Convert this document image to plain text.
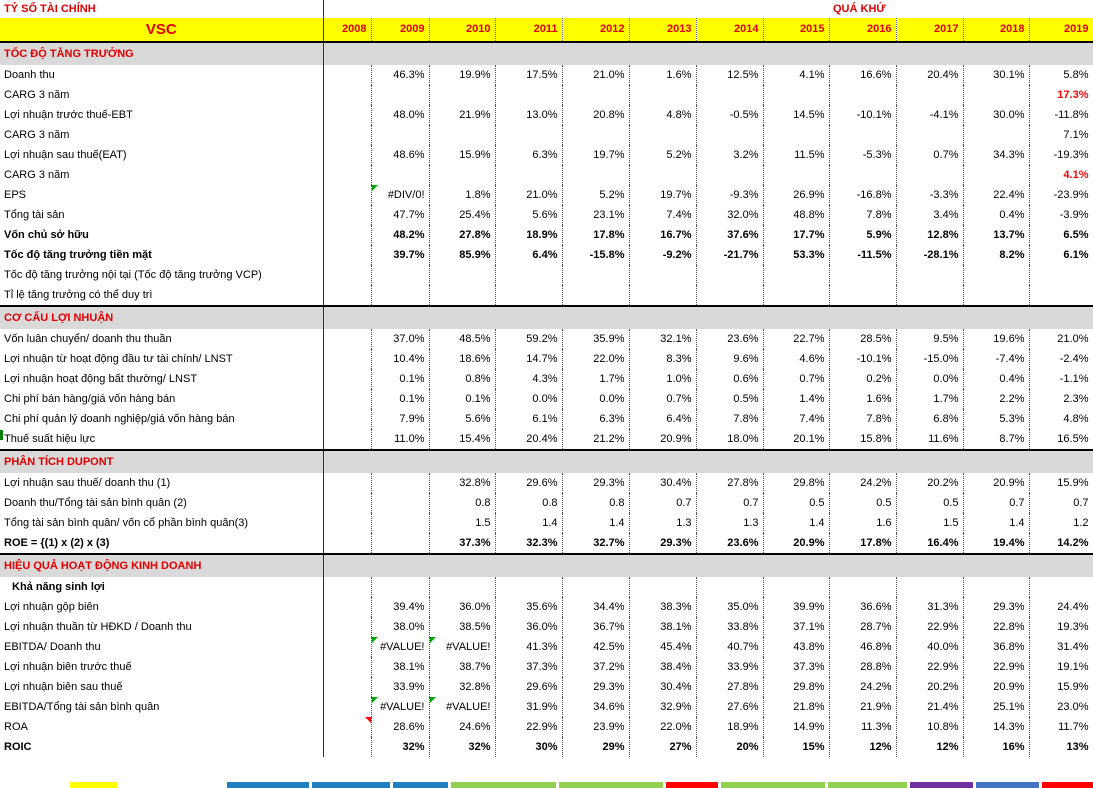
TỶ SỐ TÀI CHÍNH									QUÁ KHỨ			
VSC	2008	2009	2010	2011	2012	2013	2014	2015	2016	2017	2018	2019
TỐC ĐỘ TĂNG TRƯỞNG												
Doanh thu		46.3%	19.9%	17.5%	21.0%	1.6%	12.5%	4.1%	16.6%	20.4%	30.1%	5.8%
CARG 3 năm												17.3%
Lợi nhuận trước thuế-EBT		48.0%	21.9%	13.0%	20.8%	4.8%	-0.5%	14.5%	-10.1%	-4.1%	30.0%	-11.8%
CARG 3 năm												7.1%
Lợi nhuận sau thuế(EAT)		48.6%	15.9%	6.3%	19.7%	5.2%	3.2%	11.5%	-5.3%	0.7%	34.3%	-19.3%
CARG 3 năm												4.1%
EPS		#DIV/0!	1.8%	21.0%	5.2%	19.7%	-9.3%	26.9%	-16.8%	-3.3%	22.4%	-23.9%
Tổng tài sản		47.7%	25.4%	5.6%	23.1%	7.4%	32.0%	48.8%	7.8%	3.4%	0.4%	-3.9%
Vốn chủ sở hữu		48.2%	27.8%	18.9%	17.8%	16.7%	37.6%	17.7%	5.9%	12.8%	13.7%	6.5%
Tốc độ tăng trưởng tiền mặt		39.7%	85.9%	6.4%	-15.8%	-9.2%	-21.7%	53.3%	-11.5%	-28.1%	8.2%	6.1%
Tốc độ tăng trưởng nội tại (Tốc độ tăng trưởng VCP)												
Tỉ lệ tăng trưởng có thể duy trì												
CƠ CẤU LỢI NHUẬN												
Vốn luân chuyển/ doanh thu thuần		37.0%	48.5%	59.2%	35.9%	32.1%	23.6%	22.7%	28.5%	9.5%	19.6%	21.0%
Lợi nhuận từ hoạt động đầu tư tài chính/ LNST		10.4%	18.6%	14.7%	22.0%	8.3%	9.6%	4.6%	-10.1%	-15.0%	-7.4%	-2.4%
Lợi nhuận hoạt động bất thường/ LNST		0.1%	0.8%	4.3%	1.7%	1.0%	0.6%	0.7%	0.2%	0.0%	0.4%	-1.1%
Chi phí bán hàng/giá vốn hàng bán		0.1%	0.1%	0.0%	0.0%	0.7%	0.5%	1.4%	1.6%	1.7%	2.2%	2.3%
Chi phí quản lý doanh nghiệp/giá vốn hàng bán		7.9%	5.6%	6.1%	6.3%	6.4%	7.8%	7.4%	7.8%	6.8%	5.3%	4.8%
Thuế suất hiệu lực		11.0%	15.4%	20.4%	21.2%	20.9%	18.0%	20.1%	15.8%	11.6%	8.7%	16.5%
PHÂN TÍCH DUPONT												
Lợi nhuận sau thuế/ doanh thu (1)			32.8%	29.6%	29.3%	30.4%	27.8%	29.8%	24.2%	20.2%	20.9%	15.9%
Doanh thu/Tổng tài sản bình quân (2)			0.8	0.8	0.8	0.7	0.7	0.5	0.5	0.5	0.7	0.7
Tổng tài sản bình quân/ vốn cổ phần bình quân(3)			1.5	1.4	1.4	1.3	1.3	1.4	1.6	1.5	1.4	1.2
ROE = {(1) x (2) x (3)			37.3%	32.3%	32.7%	29.3%	23.6%	20.9%	17.8%	16.4%	19.4%	14.2%
HIỆU QUẢ HOẠT ĐỘNG KINH DOANH												
Khả năng sinh lợi												
Lợi nhuận gộp biên		39.4%	36.0%	35.6%	34.4%	38.3%	35.0%	39.9%	36.6%	31.3%	29.3%	24.4%
Lợi nhuận thuần từ HĐKD / Doanh thu		38.0%	38.5%	36.0%	36.7%	38.1%	33.8%	37.1%	28.7%	22.9%	22.8%	19.3%
EBITDA/ Doanh thu		#VALUE!	#VALUE!	41.3%	42.5%	45.4%	40.7%	43.8%	46.8%	40.0%	36.8%	31.4%
Lợi nhuận biên trước thuế		38.1%	38.7%	37.3%	37.2%	38.4%	33.9%	37.3%	28.8%	22.9%	22.9%	19.1%
Lợi nhuận biên sau thuế		33.9%	32.8%	29.6%	29.3%	30.4%	27.8%	29.8%	24.2%	20.2%	20.9%	15.9%
EBITDA/Tổng tài sản bình quân		#VALUE!	#VALUE!	31.9%	34.6%	32.9%	27.6%	21.8%	21.9%	21.4%	25.1%	23.0%
ROA		28.6%	24.6%	22.9%	23.9%	22.0%	18.9%	14.9%	11.3%	10.8%	14.3%	11.7%
ROIC		32%	32%	30%	29%	27%	20%	15%	12%	12%	16%	13%
